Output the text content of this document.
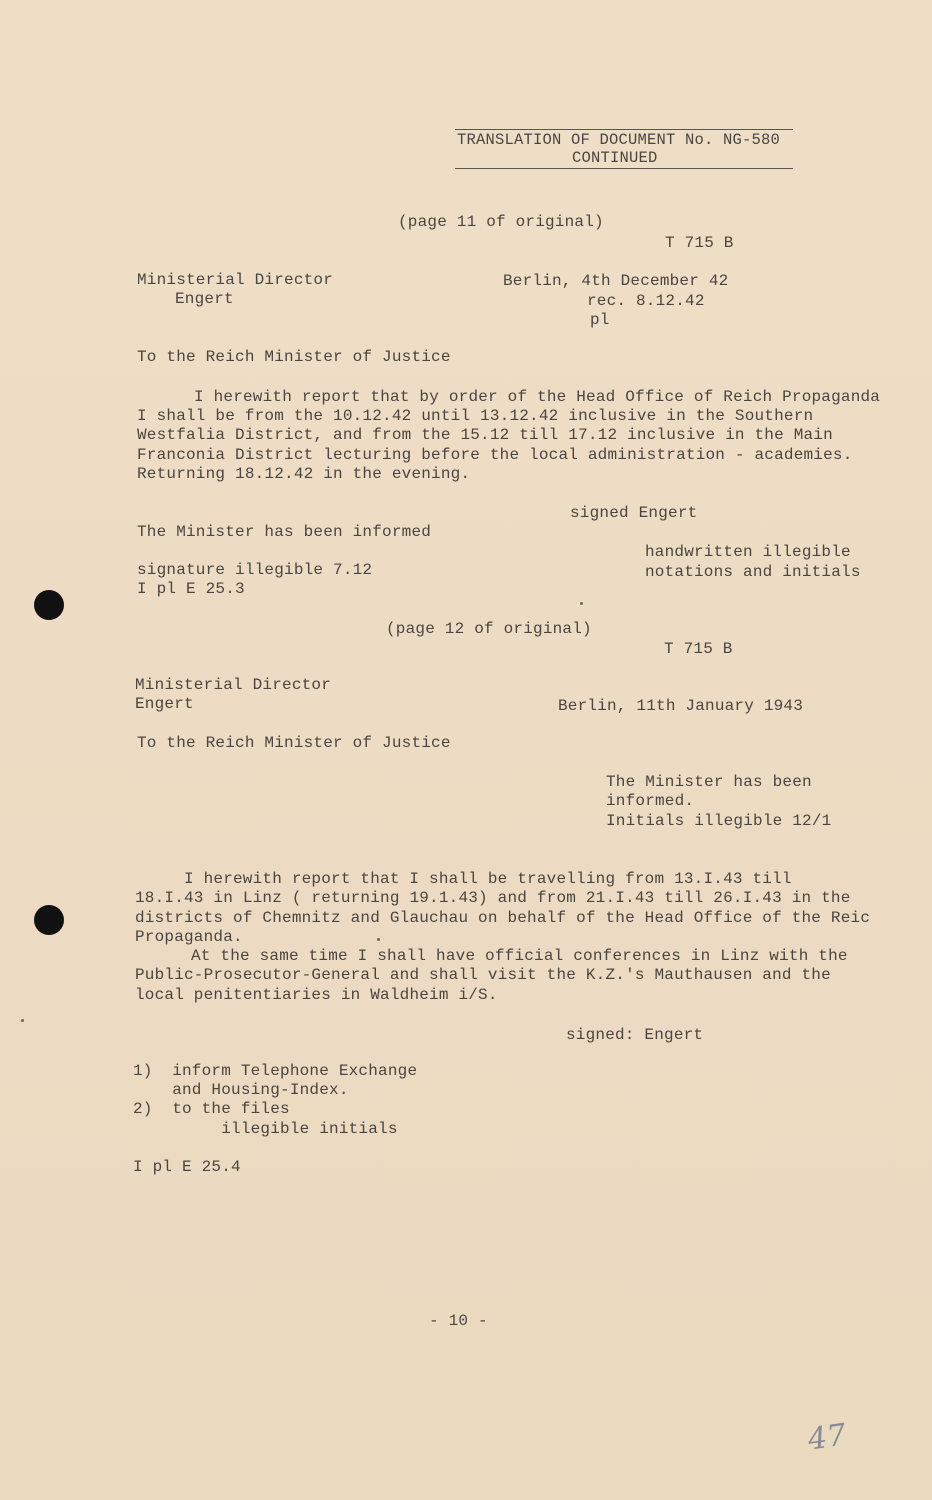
TRANSLATION OF DOCUMENT No. NG-580
CONTINUED
(page 11 of original)
T 715 B
Ministerial Director
Engert
Berlin, 4th December 42
rec. 8.12.42
pl
To the Reich Minister of Justice
I herewith report that by order of the Head Office of Reich Propaganda
I shall be from the 10.12.42 until 13.12.42 inclusive in the Southern
Westfalia District, and from the 15.12 till 17.12 inclusive in the Main
Franconia District lecturing before the local administration - academies.
Returning 18.12.42 in the evening.
signed Engert
The Minister has been informed
handwritten illegible
notations and initials
signature illegible 7.12
I pl E 25.3
(page 12 of original)
T 715 B
Ministerial Director
Engert	Berlin, 11th January 1943
To the Reich Minister of Justice
The Minister has been
informed.
Initials illegible 12/1
I herewith report that I shall be travelling from 13.I.43 till
18.I.43 in Linz ( returning 19.1.43) and from 21.I.43 till 26.I.43 in the
districts of Chemnitz and Glauchau on behalf of the Head Office of the Reic
Propaganda.
At the same time I shall have official conferences in Linz with the
Public-Prosecutor-General and shall visit the K.Z.'s Mauthausen and the
local penitentiaries in Waldheim i/S.
signed: Engert
1)  inform Telephone Exchange
and Housing-Index.
2)  to the files
illegible initials
I pl E 25.4
- 10 -
47
